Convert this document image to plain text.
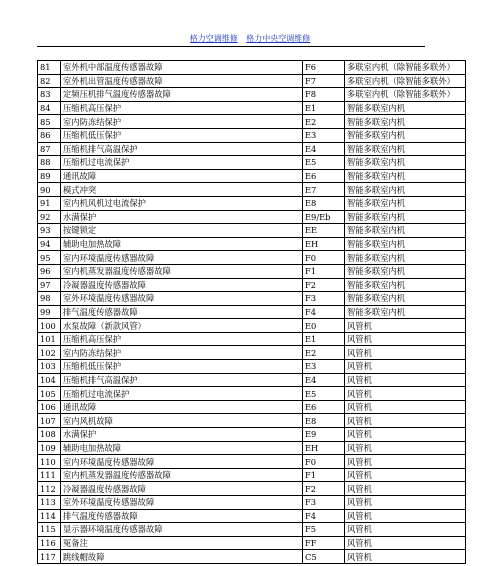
格力空调维修 格力中央空调维修
81	室外机中部温度传感器故障	F6	多联室内机（除智能多联外）
82	室外机出管温度传感器故障	F7	多联室内机（除智能多联外）
83	定频压机排气温度传感器故障	F8	多联室内机（除智能多联外）
84	压缩机高压保护	E1	智能多联室内机
85	室内防冻结保护	E2	智能多联室内机
86	压缩机低压保护	E3	智能多联室内机
87	压缩机排气高温保护	E4	智能多联室内机
88	压缩机过电流保护	E5	智能多联室内机
89	通讯故障	E6	智能多联室内机
90	模式冲突	E7	智能多联室内机
91	室内机风机过电流保护	E8	智能多联室内机
92	水满保护	E9/Eb	智能多联室内机
93	按键锁定	EE	智能多联室内机
94	辅助电加热故障	EH	智能多联室内机
95	室内环境温度传感器故障	F0	智能多联室内机
96	室内机蒸发器温度传感器故障	F1	智能多联室内机
97	冷凝器温度传感器故障	F2	智能多联室内机
98	室外环境温度传感器故障	F3	智能多联室内机
99	排气温度传感器故障	F4	智能多联室内机
100	水泵故障（新款风管）	E0	风管机
101	压缩机高压保护	E1	风管机
102	室内防冻结保护	E2	风管机
103	压缩机低压保护	E3	风管机
104	压缩机排气高温保护	E4	风管机
105	压缩机过电流保护	E5	风管机
106	通讯故障	E6	风管机
107	室内风机故障	E8	风管机
108	水满保护	E9	风管机
109	辅助电加热故障	EH	风管机
110	室内环境温度传感器故障	F0	风管机
111	室内机蒸发器温度传感器故障	F1	风管机
112	冷凝器温度传感器故障	F2	风管机
113	室外环境温度传感器故障	F3	风管机
114	排气温度传感器故障	F4	风管机
115	显示器环境温度传感器故障	F5	风管机
116	冤备注	FF	风管机
117	跳线帽故障	C5	风管机
